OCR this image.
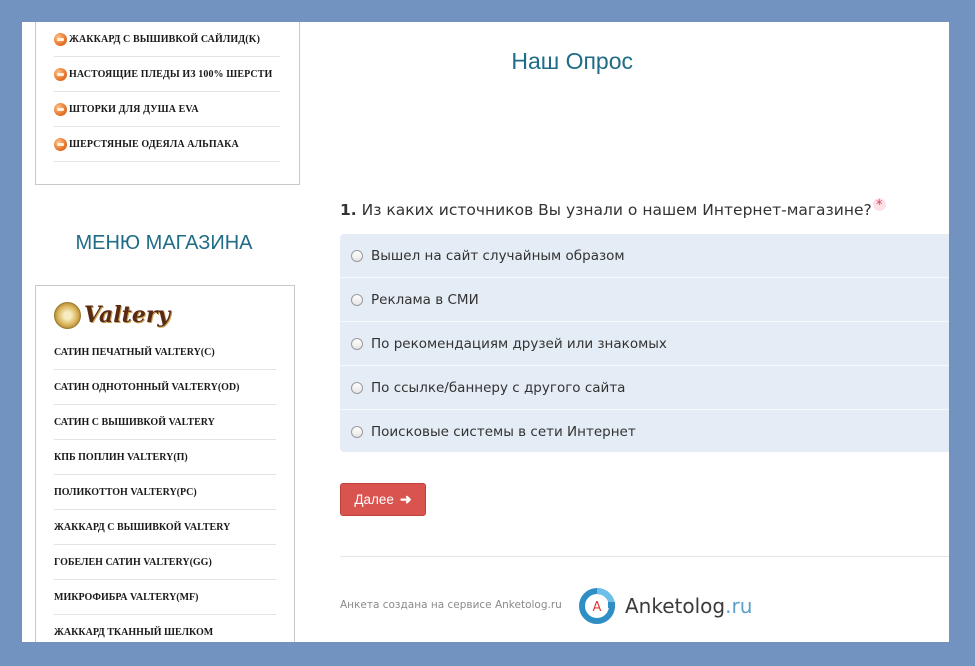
ЖАККАРД С ВЫШИВКОЙ САЙЛИД(K)
НАСТОЯЩИЕ ПЛЕДЫ ИЗ 100% ШЕРСТИ
ШТОРКИ ДЛЯ ДУША EVA
ШЕРСТЯНЫЕ ОДЕЯЛА АЛЬПАКА
МЕНЮ МАГАЗИНА
Valtery
САТИН ПЕЧАТНЫЙ VALTERY(C)
САТИН ОДНОТОННЫЙ VALTERY(OD)
САТИН С ВЫШИВКОЙ VALTERY
КПБ ПОПЛИН VALTERY(П)
ПОЛИКОТТОН VALTERY(PC)
ЖАККАРД С ВЫШИВКОЙ VALTERY
ГОБЕЛЕН САТИН VALTERY(GG)
МИКРОФИБРА VALTERY(MF)
ЖАККАРД ТКАННЫЙ ШЕЛКОМ
Наш Опрос
1. Из каких источников Вы узнали о нашем Интернет-магазине? *
Вышел на сайт случайным образом
Реклама в СМИ
По рекомендациям друзей или знакомых
По ссылке/баннеру с другого сайта
Поисковые системы в сети Интернет
Далее ➜
Анкета создана на сервисе Anketolog.ru A Anketolog.ru
